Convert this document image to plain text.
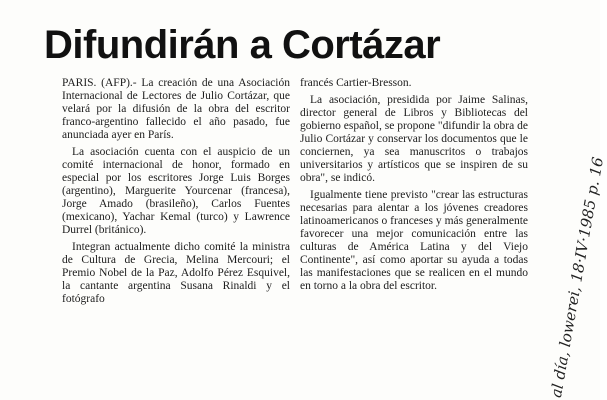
Difundirán a Cortázar

PARIS. (AFP).- La creación de una Asociación Internacional de Lectores de Julio Cortázar, que velará por la difusión de la obra del escritor franco-argentino fallecido el año pasado, fue anunciada ayer en París.

La asociación cuenta con el auspicio de un comité internacional de honor, formado en especial por los escritores Jorge Luis Borges (argentino), Marguerite Yourcenar (francesa), Jorge Amado (brasileño), Carlos Fuentes (mexicano), Yachar Kemal (turco) y Lawrence Durrel (británico).

Integran actualmente dicho comité la ministra de Cultura de Grecia, Melina Mercouri; el Premio Nobel de la Paz, Adolfo Pérez Esquivel, la cantante argentina Susana Rinaldi y el fotógrafo

francés Cartier-Bresson.

La asociación, presidida por Jaime Salinas, director general de Libros y Bibliotecas del gobierno español, se propone "difundir la obra de Julio Cortázar y conservar los documentos que le conciernen, ya sea manuscritos o trabajos universitarios y artísticos que se inspiren de su obra", se indicó.

Igualmente tiene previsto "crear las estructuras necesarias para alentar a los jóvenes creadores latinoamericanos o franceses y más generalmente favorecer una mejor comunicación entre las culturas de América Latina y del Viejo Continente", así como aportar su ayuda a todas las manifestaciones que se realicen en el mundo en torno a la obra del escritor.	al día, lowerei, 18·IV·1985 p. 16
